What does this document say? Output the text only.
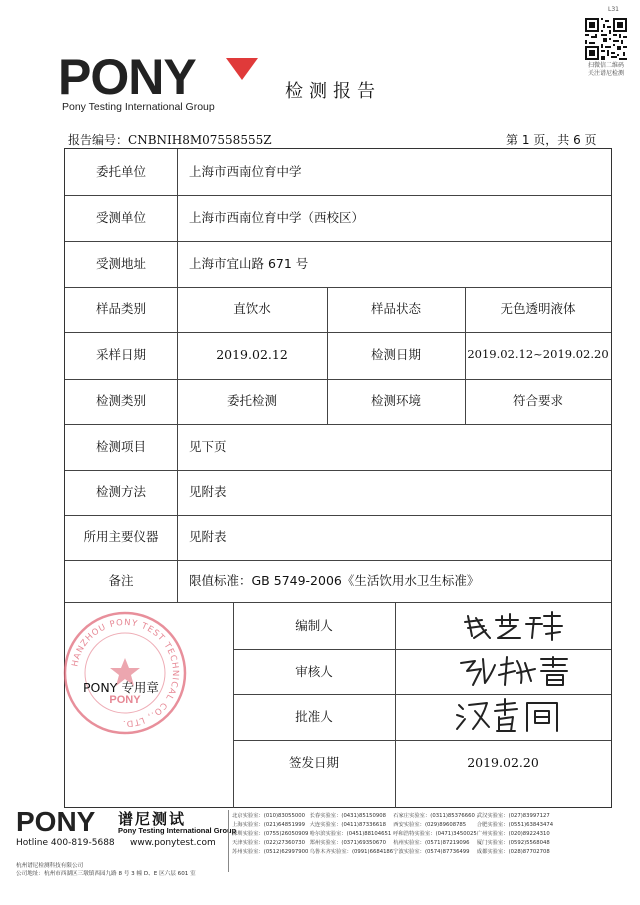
L31
PONY
Pony Testing International Group
检测报告
扫微信二维码
关注谱尼检测
报告编号：CNBNIH8M07558555Z	第 1 页，共 6 页
委托单位	上海市西南位育中学
受测单位	上海市西南位育中学（西校区）
受测地址	上海市宜山路 671 号
样品类别	直饮水	样品状态	无色透明液体
采样日期	2019.02.12	检测日期	2019.02.12~2019.02.20
检测类别	委托检测	检测环境	符合要求
检测项目	见下页
检测方法	见附表
所用主要仪器	见附表
备注	限值标准：GB 5749-2006《生活饮用水卫生标准》
编制人
审核人
批准人
签发日期	2019.02.20
HANZHOU PONY TEST TECHNICAL CO., LTD.
PONY
PONY 专用章
PONY 谱尼测试
Pony Testing International Group
Hotline 400-819-5688 www.ponytest.com
杭州谱尼检测科技有限公司
公司地址：杭州市西湖区三墩镇西园九路 8 号 3 幢 D、E 区六层 601 室
北京实验室：(010)83055000 长春实验室：(0431)85150908	石家庄实验室：(0311)85376660 武汉实验室：(027)83997127
上海实验室：(021)64851999 大连实验室：(0411)87336618	西安实验室：(029)89608785	合肥实验室：(0551)63843474
深圳实验室：(0755)26050909 哈尔滨实验室：(0451)88104651 呼和浩特实验室：(0471)3450025 广州实验室：(020)89224310
天津实验室：(022)27360730 郑州实验室：(0371)69350670	杭州实验室：(0571)87219096	厦门实验室：(0592)5568048
苏州实验室：(0512)62997900 乌鲁木齐实验室：(0991)6684186 宁波实验室：(0574)87736499	成都实验室：(028)87702708
